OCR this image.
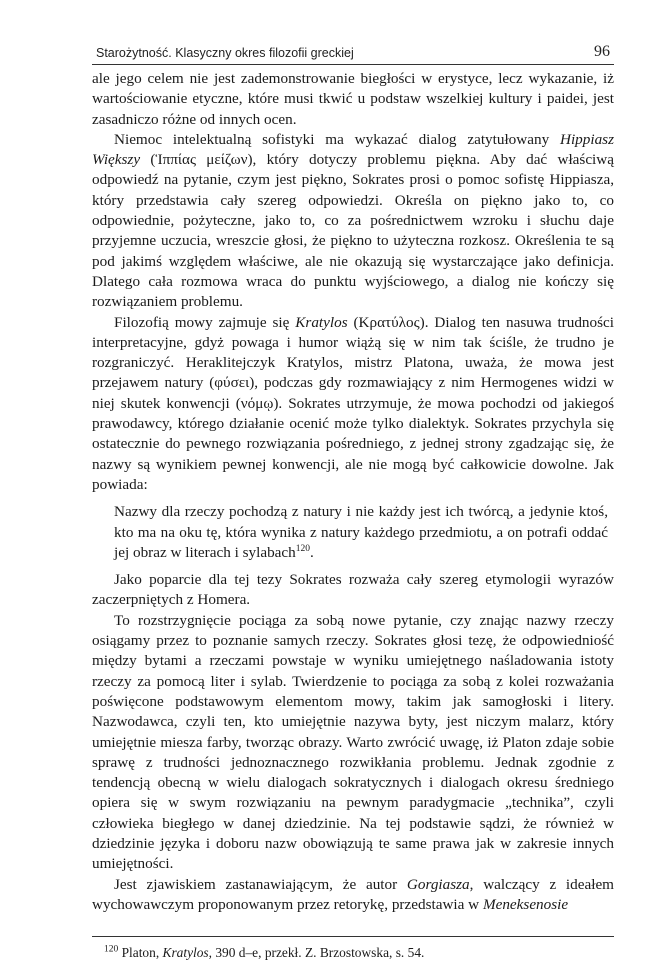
Starożytność. Klasyczny okres filozofii greckiej	96

ale jego celem nie jest zademonstrowanie biegłości w erystyce, lecz wykazanie, iż wartościowanie etyczne, które musi tkwić u podstaw wszelkiej kultury i paidei, jest zasadniczo różne od innych ocen.

Niemoc intelektualną sofistyki ma wykazać dialog zatytułowany Hippiasz Większy (Ἱππίας μείζων), który dotyczy problemu piękna. Aby dać właściwą odpowiedź na pytanie, czym jest piękno, Sokrates prosi o pomoc sofistę Hippiasza, który przedstawia cały szereg odpowiedzi. Określa on piękno jako to, co odpowiednie, pożyteczne, jako to, co za pośrednictwem wzroku i słuchu daje przyjemne uczucia, wreszcie głosi, że piękno to użyteczna rozkosz. Określenia te są pod jakimś względem właściwe, ale nie okazują się wystarczające jako definicja. Dlatego cała rozmowa wraca do punktu wyjściowego, a dialog nie kończy się rozwiązaniem problemu.

Filozofią mowy zajmuje się Kratylos (Κρατύλος). Dialog ten nasuwa trudności interpretacyjne, gdyż powaga i humor wiążą się w nim tak ściśle, że trudno je rozgraniczyć. Heraklitejczyk Kratylos, mistrz Platona, uważa, że mowa jest przejawem natury (φύσει), podczas gdy rozmawiający z nim Hermogenes widzi w niej skutek konwencji (νόμῳ). Sokrates utrzymuje, że mowa pochodzi od jakiegoś prawodawcy, którego działanie ocenić może tylko dialektyk. Sokrates przychyla się ostatecznie do pewnego rozwiązania pośredniego, z jednej strony zgadzając się, że nazwy są wynikiem pewnej konwencji, ale nie mogą być całkowicie dowolne. Jak powiada:

Nazwy dla rzeczy pochodzą z natury i nie każdy jest ich twórcą, a jedynie ktoś, kto ma na oku tę, która wynika z natury każdego przedmiotu, a on potrafi oddać jej obraz w literach i sylabach$^{120}$.

Jako poparcie dla tej tezy Sokrates rozważa cały szereg etymologii wyrazów zaczerpniętych z Homera.

To rozstrzygnięcie pociąga za sobą nowe pytanie, czy znając nazwy rzeczy osiągamy przez to poznanie samych rzeczy. Sokrates głosi tezę, że odpowiedniość między bytami a rzeczami powstaje w wyniku umiejętnego naśladowania istoty rzeczy za pomocą liter i sylab. Twierdzenie to pociąga za sobą z kolei rozważania poświęcone podstawowym elementom mowy, takim jak samogłoski i litery. Nazwodawca, czyli ten, kto umiejętnie nazywa byty, jest niczym malarz, który umiejętnie miesza farby, tworząc obrazy. Warto zwrócić uwagę, iż Platon zdaje sobie sprawę z trudności jednoznacznego rozwikłania problemu. Jednak zgodnie z tendencją obecną w wielu dialogach sokratycznych i dialogach okresu średniego opiera się w swym rozwiązaniu na pewnym paradygmacie „technika”, czyli człowieka biegłego w danej dziedzinie. Na tej podstawie sądzi, że również w dziedzinie języka i doboru nazw obowiązują te same prawa jak w zakresie innych umiejętności.

Jest zjawiskiem zastanawiającym, że autor Gorgiasza, walczący z ideałem wychowawczym proponowanym przez retorykę, przedstawia w Meneksenosie

$^{120}$ Platon, Kratylos, 390 d–e, przekł. Z. Brzostowska, s. 54.
